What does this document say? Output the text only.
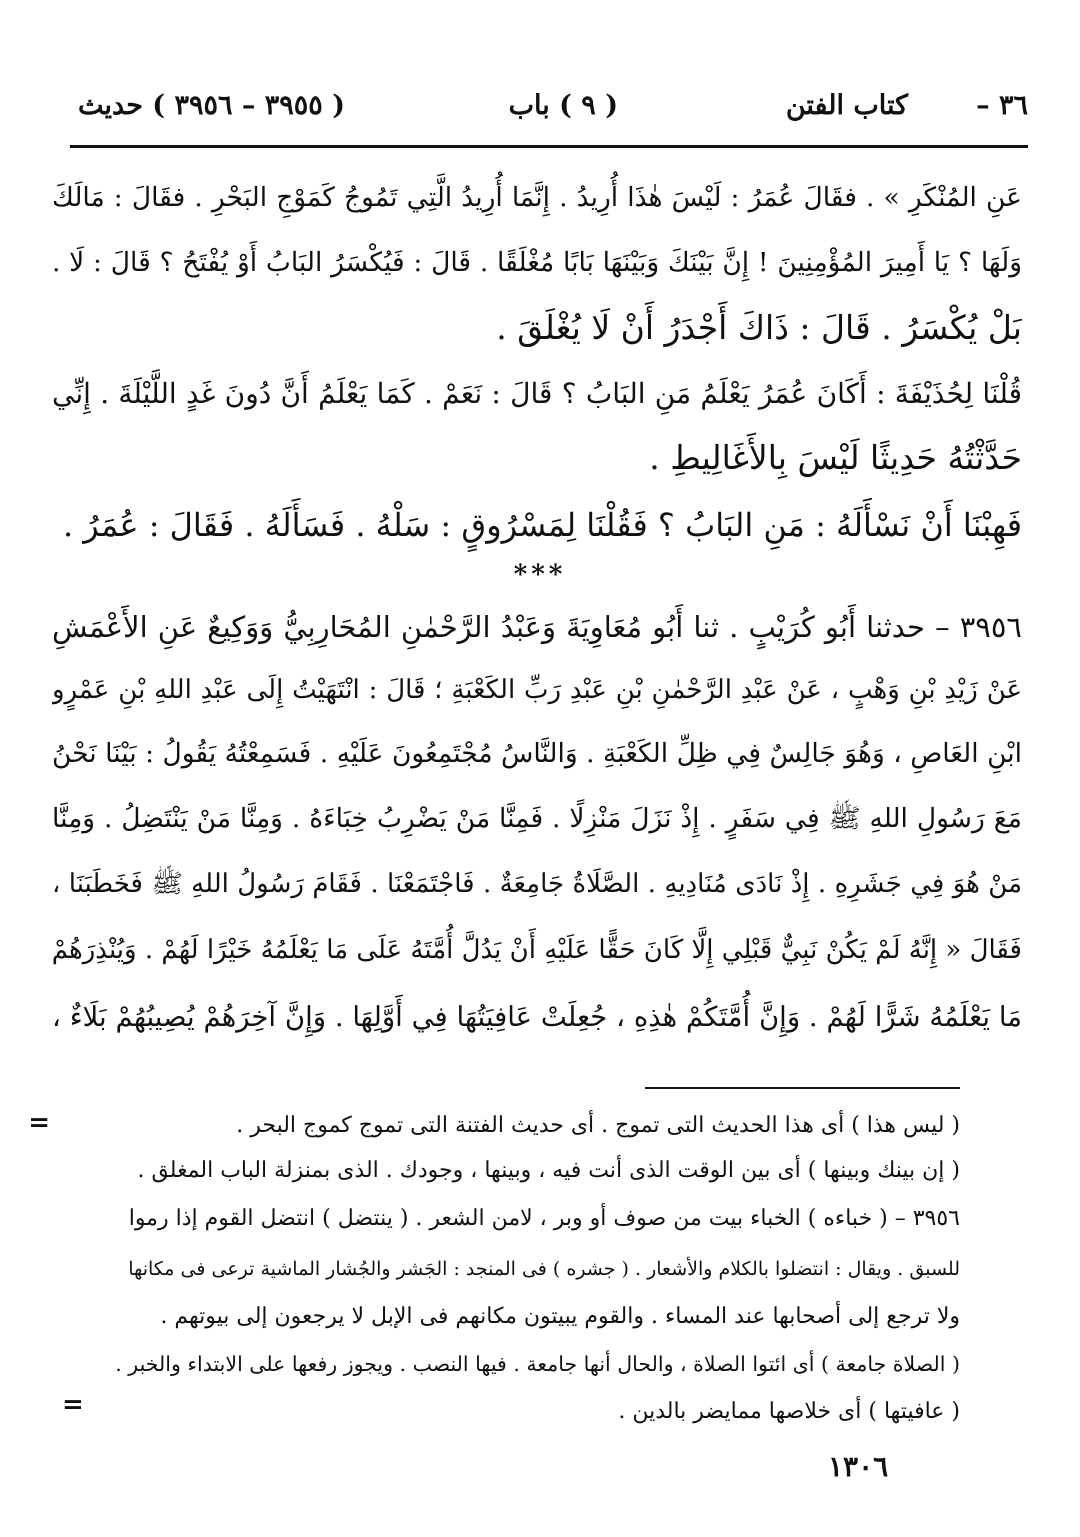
٣٦ –
كتاب الفتن
( ٩ ) باب
( ٣٩٥٥ – ٣٩٥٦ ) حديث
عَنِ المُنْكَرِ » . فقَالَ عُمَرُ : لَيْسَ هٰذَا أُرِيدُ . إِنَّمَا أُرِيدُ الَّتِي تَمُوجُ كَمَوْجِ البَحْرِ . فقَالَ : مَالَكَ
وَلَهَا ؟ يَا أَمِيرَ المُؤْمِنِينَ ! إِنَّ بَيْنَكَ وَبَيْنَهَا بَابًا مُغْلَقًا . قَالَ : فَيُكْسَرُ البَابُ أَوْ يُفْتَحُ ؟ قَالَ : لَا .
بَلْ يُكْسَرُ . قَالَ : ذَاكَ أَجْدَرُ أَنْ لَا يُغْلَقَ .
قُلْنَا لِحُذَيْفَةَ : أَكَانَ عُمَرُ يَعْلَمُ مَنِ البَابُ ؟ قَالَ : نَعَمْ . كَمَا يَعْلَمُ أَنَّ دُونَ غَدٍ اللَّيْلَةَ . إِنِّي
حَدَّثْتُهُ حَدِيثًا لَيْسَ بِالأَغَالِيطِ .
فَهِبْنَا أَنْ نَسْأَلَهُ : مَنِ البَابُ ؟ فَقُلْنَا لِمَسْرُوقٍ : سَلْهُ . فَسَأَلَهُ . فَقَالَ : عُمَرُ .
***
٣٩٥٦ – حدثنا أَبُو كُرَيْبٍ . ثنا أَبُو مُعَاوِيَةَ وَعَبْدُ الرَّحْمٰنِ المُحَارِبِيُّ وَوَكِيعٌ عَنِ الأَعْمَشِ
عَنْ زَيْدِ بْنِ وَهْبٍ ، عَنْ عَبْدِ الرَّحْمٰنِ بْنِ عَبْدِ رَبِّ الكَعْبَةِ ؛ قَالَ : انْتَهَيْتُ إِلَى عَبْدِ اللهِ بْنِ عَمْرٍو
ابْنِ العَاصِ ، وَهُوَ جَالِسٌ فِي ظِلِّ الكَعْبَةِ . وَالنَّاسُ مُجْتَمِعُونَ عَلَيْهِ . فَسَمِعْتُهُ يَقُولُ : بَيْنَا نَحْنُ
مَعَ رَسُولِ اللهِ ﷺ فِي سَفَرٍ . إِذْ نَزَلَ مَنْزِلًا . فَمِنَّا مَنْ يَضْرِبُ خِبَاءَهُ . وَمِنَّا مَنْ يَنْتَضِلُ . وَمِنَّا
مَنْ هُوَ فِي جَشَرِهِ . إِذْ نَادَى مُنَادِيهِ . الصَّلَاةُ جَامِعَةٌ . فَاجْتَمَعْنَا . فَقَامَ رَسُولُ اللهِ ﷺ فَخَطَبَنَا ،
فَقَالَ « إِنَّهُ لَمْ يَكُنْ نَبِيٌّ قَبْلِي إِلَّا كَانَ حَقًّا عَلَيْهِ أَنْ يَدُلَّ أُمَّتَهُ عَلَى مَا يَعْلَمُهُ خَيْرًا لَهُمْ . وَيُنْذِرَهُمْ
مَا يَعْلَمُهُ شَرًّا لَهُمْ . وَإِنَّ أُمَّتَكُمْ هٰذِهِ ، جُعِلَتْ عَافِيَتُهَا فِي أَوَّلِهَا . وَإِنَّ آخِرَهُمْ يُصِيبُهُمْ بَلَاءٌ ،
=
=
( ليس هذا ) أى هذا الحديث التى تموج . أى حديث الفتنة التى تموج كموج البحر .
( إن بينك وبينها ) أى بين الوقت الذى أنت فيه ، وبينها ، وجودك . الذى بمنزلة الباب المغلق .
٣٩٥٦ – ( خباءه ) الخباء بيت من صوف أو وبر ، لامن الشعر . ( ينتضل ) انتضل القوم إذا رموا
للسبق . ويقال : انتضلوا بالكلام والأشعار . ( جشره ) فى المنجد : الجَشر والجُشار الماشية ترعى فى مكانها
ولا ترجع إلى أصحابها عند المساء . والقوم يبيتون مكانهم فى الإبل لا يرجعون إلى بيوتهم .
( الصلاة جامعة ) أى ائتوا الصلاة ، والحال أنها جامعة . فيها النصب . ويجوز رفعها على الابتداء والخبر .
( عافيتها ) أى خلاصها ممايضر بالدين .
١٣٠٦
